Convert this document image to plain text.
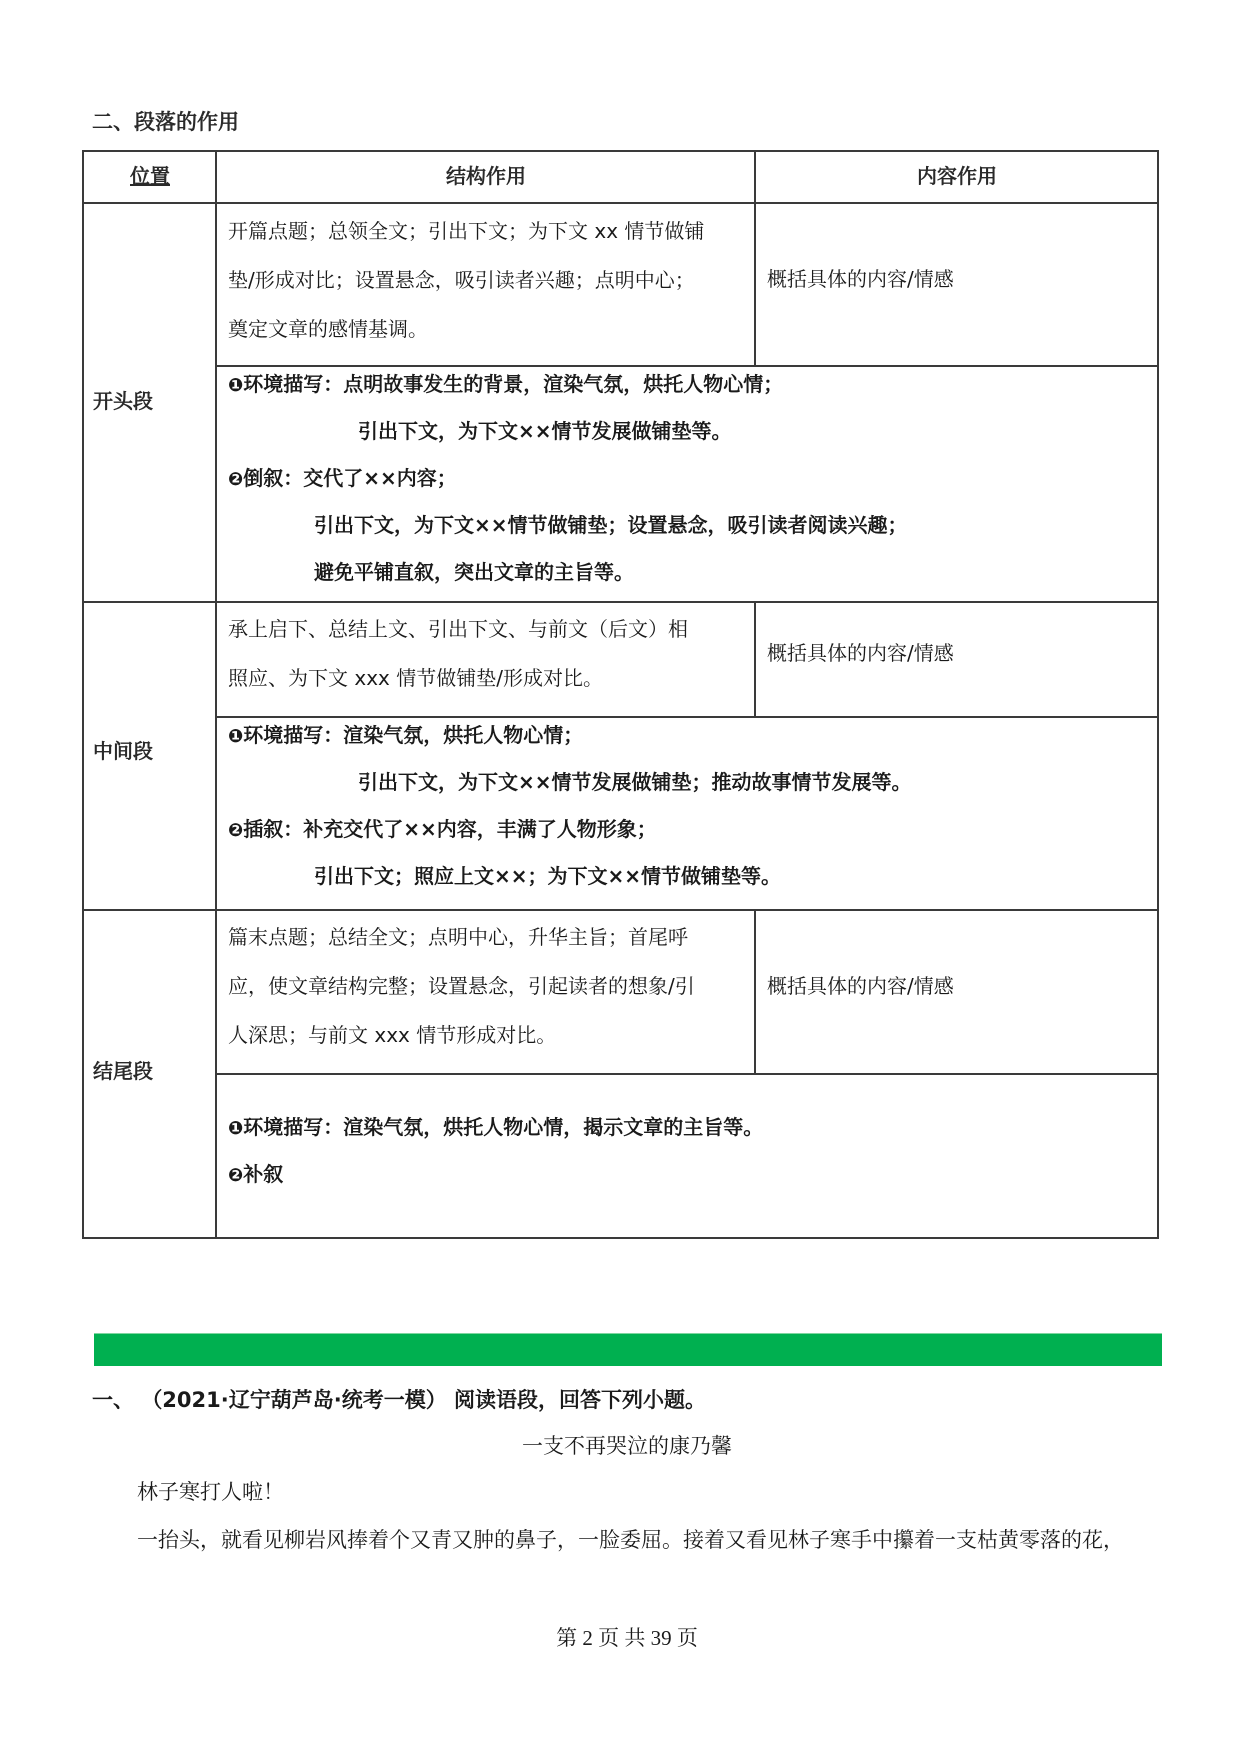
二、段落的作用
位置	结构作用	内容作用
开头段
开篇点题；总领全文；引出下文；为下文 xx 情节做铺
垫/形成对比；设置悬念，吸引读者兴趣；点明中心；
奠定文章的感情基调。
概括具体的内容/情感
❶环境描写：点明故事发生的背景，渲染气氛，烘托人物心情；
引出下文，为下文××情节发展做铺垫等。
❷倒叙：交代了××内容；
引出下文，为下文××情节做铺垫；设置悬念，吸引读者阅读兴趣；
避免平铺直叙，突出文章的主旨等。
中间段
承上启下、总结上文、引出下文、与前文（后文）相
照应、为下文 xxx 情节做铺垫/形成对比。
概括具体的内容/情感
❶环境描写：渲染气氛，烘托人物心情；
引出下文，为下文××情节发展做铺垫；推动故事情节发展等。
❷插叙：补充交代了××内容，丰满了人物形象；
引出下文；照应上文××；为下文××情节做铺垫等。
结尾段
篇末点题；总结全文；点明中心，升华主旨；首尾呼
应，使文章结构完整；设置悬念，引起读者的想象/引
人深思；与前文 xxx 情节形成对比。
概括具体的内容/情感
❶环境描写：渲染气氛，烘托人物心情，揭示文章的主旨等。
❷补叙
一、 （2021·辽宁葫芦岛·统考一模） 阅读语段，回答下列小题。
一支不再哭泣的康乃馨
林子寒打人啦！
一抬头，就看见柳岩风捧着个又青又肿的鼻子，一脸委屈。接着又看见林子寒手中攥着一支枯黄零落的花，
第 2 页 共 39 页
